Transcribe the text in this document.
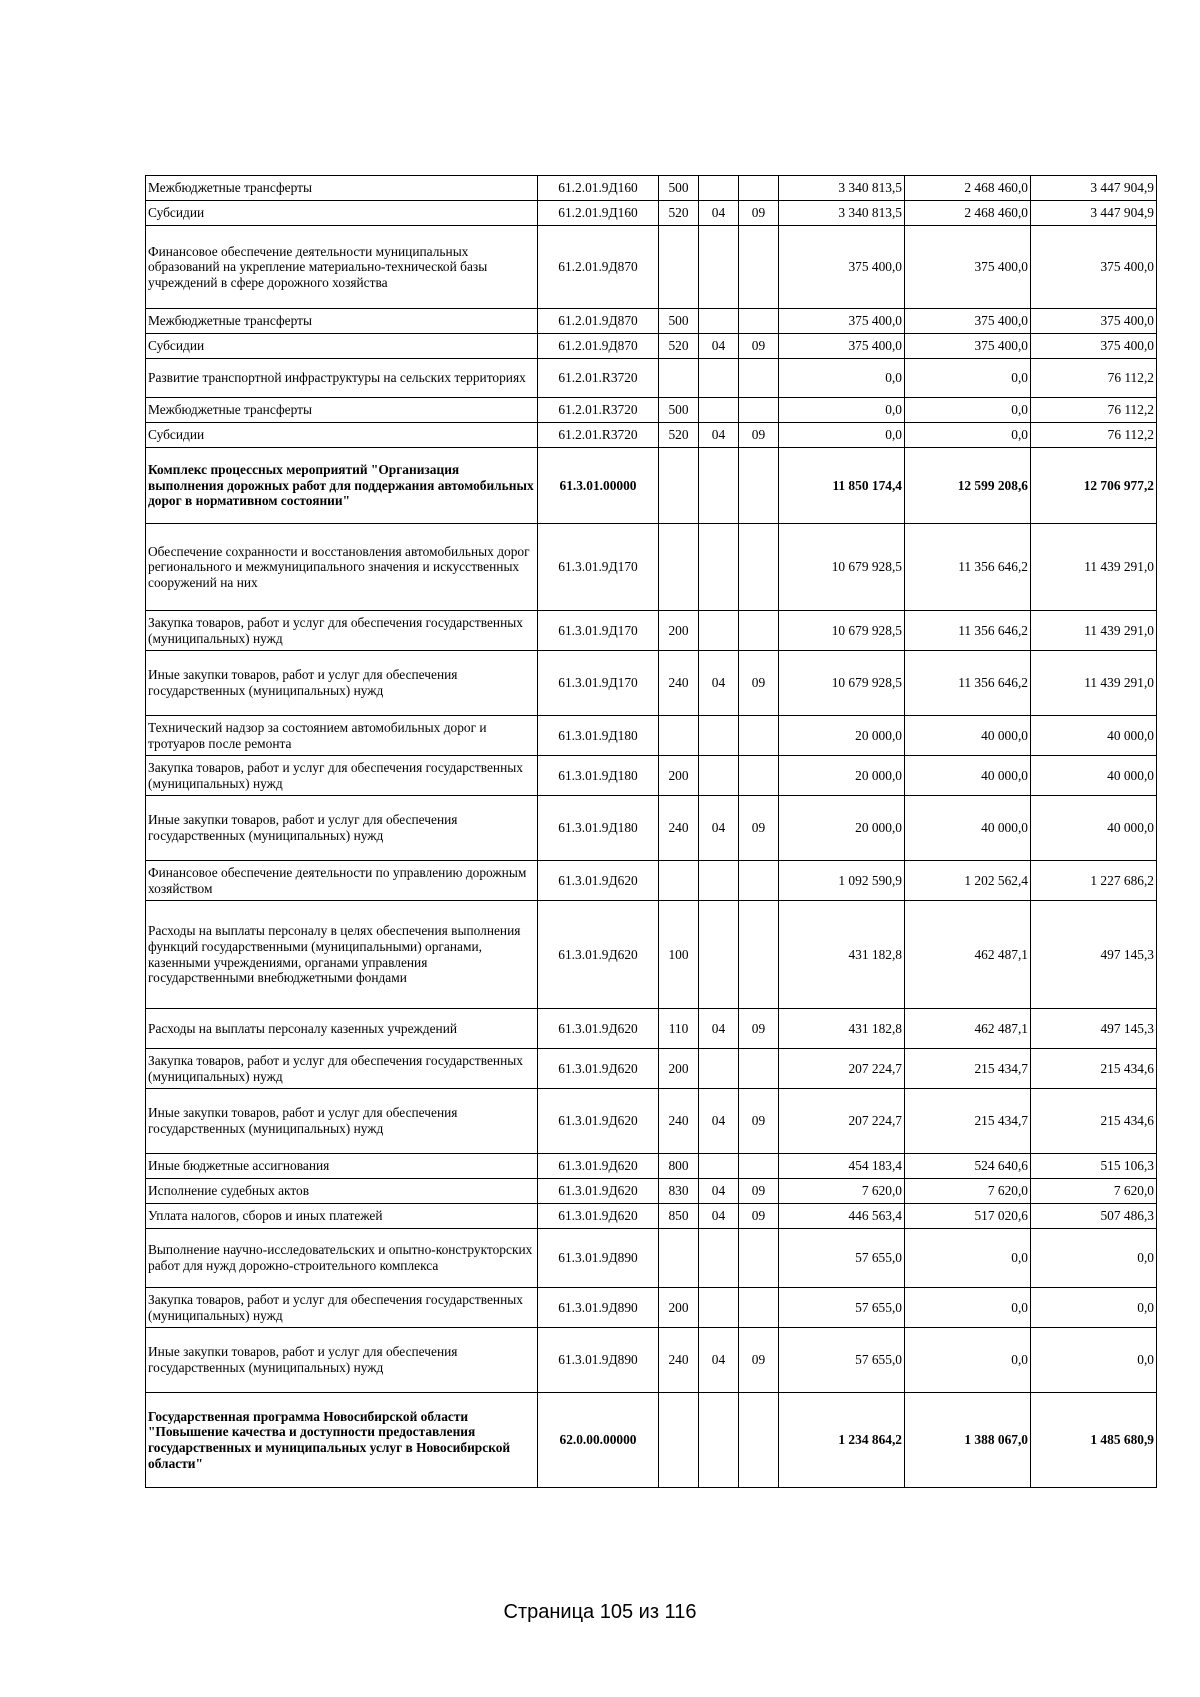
Межбюджетные трансферты	61.2.01.9Д160	500			3 340 813,5	2 468 460,0	3 447 904,9
Субсидии	61.2.01.9Д160	520	04	09	3 340 813,5	2 468 460,0	3 447 904,9
Финансовое обеспечение деятельности муниципальных образований на укрепление материально-технической базы учреждений в сфере дорожного хозяйства	61.2.01.9Д870				375 400,0	375 400,0	375 400,0
Межбюджетные трансферты	61.2.01.9Д870	500			375 400,0	375 400,0	375 400,0
Субсидии	61.2.01.9Д870	520	04	09	375 400,0	375 400,0	375 400,0
Развитие транспортной инфраструктуры на сельских территориях	61.2.01.R3720				0,0	0,0	76 112,2
Межбюджетные трансферты	61.2.01.R3720	500			0,0	0,0	76 112,2
Субсидии	61.2.01.R3720	520	04	09	0,0	0,0	76 112,2
Комплекс процессных мероприятий "Организация выполнения дорожных работ для поддержания автомобильных дорог в нормативном состоянии"	61.3.01.00000				11 850 174,4	12 599 208,6	12 706 977,2
Обеспечение сохранности и восстановления автомобильных дорог регионального и межмуниципального значения и искусственных сооружений на них	61.3.01.9Д170				10 679 928,5	11 356 646,2	11 439 291,0
Закупка товаров, работ и услуг для обеспечения государственных (муниципальных) нужд	61.3.01.9Д170	200			10 679 928,5	11 356 646,2	11 439 291,0
Иные закупки товаров, работ и услуг для обеспечения государственных (муниципальных) нужд	61.3.01.9Д170	240	04	09	10 679 928,5	11 356 646,2	11 439 291,0
Технический надзор за состоянием автомобильных дорог и тротуаров после ремонта	61.3.01.9Д180				20 000,0	40 000,0	40 000,0
Закупка товаров, работ и услуг для обеспечения государственных (муниципальных) нужд	61.3.01.9Д180	200			20 000,0	40 000,0	40 000,0
Иные закупки товаров, работ и услуг для обеспечения государственных (муниципальных) нужд	61.3.01.9Д180	240	04	09	20 000,0	40 000,0	40 000,0
Финансовое обеспечение деятельности по управлению дорожным хозяйством	61.3.01.9Д620				1 092 590,9	1 202 562,4	1 227 686,2
Расходы на выплаты персоналу в целях обеспечения выполнения функций государственными (муниципальными) органами, казенными учреждениями, органами управления государственными внебюджетными фондами	61.3.01.9Д620	100			431 182,8	462 487,1	497 145,3
Расходы на выплаты персоналу казенных учреждений	61.3.01.9Д620	110	04	09	431 182,8	462 487,1	497 145,3
Закупка товаров, работ и услуг для обеспечения государственных (муниципальных) нужд	61.3.01.9Д620	200			207 224,7	215 434,7	215 434,6
Иные закупки товаров, работ и услуг для обеспечения государственных (муниципальных) нужд	61.3.01.9Д620	240	04	09	207 224,7	215 434,7	215 434,6
Иные бюджетные ассигнования	61.3.01.9Д620	800			454 183,4	524 640,6	515 106,3
Исполнение судебных актов	61.3.01.9Д620	830	04	09	7 620,0	7 620,0	7 620,0
Уплата налогов, сборов и иных платежей	61.3.01.9Д620	850	04	09	446 563,4	517 020,6	507 486,3
Выполнение научно-исследовательских и опытно-конструкторских работ для нужд дорожно-строительного комплекса	61.3.01.9Д890				57 655,0	0,0	0,0
Закупка товаров, работ и услуг для обеспечения государственных (муниципальных) нужд	61.3.01.9Д890	200			57 655,0	0,0	0,0
Иные закупки товаров, работ и услуг для обеспечения государственных (муниципальных) нужд	61.3.01.9Д890	240	04	09	57 655,0	0,0	0,0
Государственная программа Новосибирской области "Повышение качества и доступности предоставления государственных и муниципальных услуг в Новосибирской области"	62.0.00.00000				1 234 864,2	1 388 067,0	1 485 680,9
Страница 105 из 116
